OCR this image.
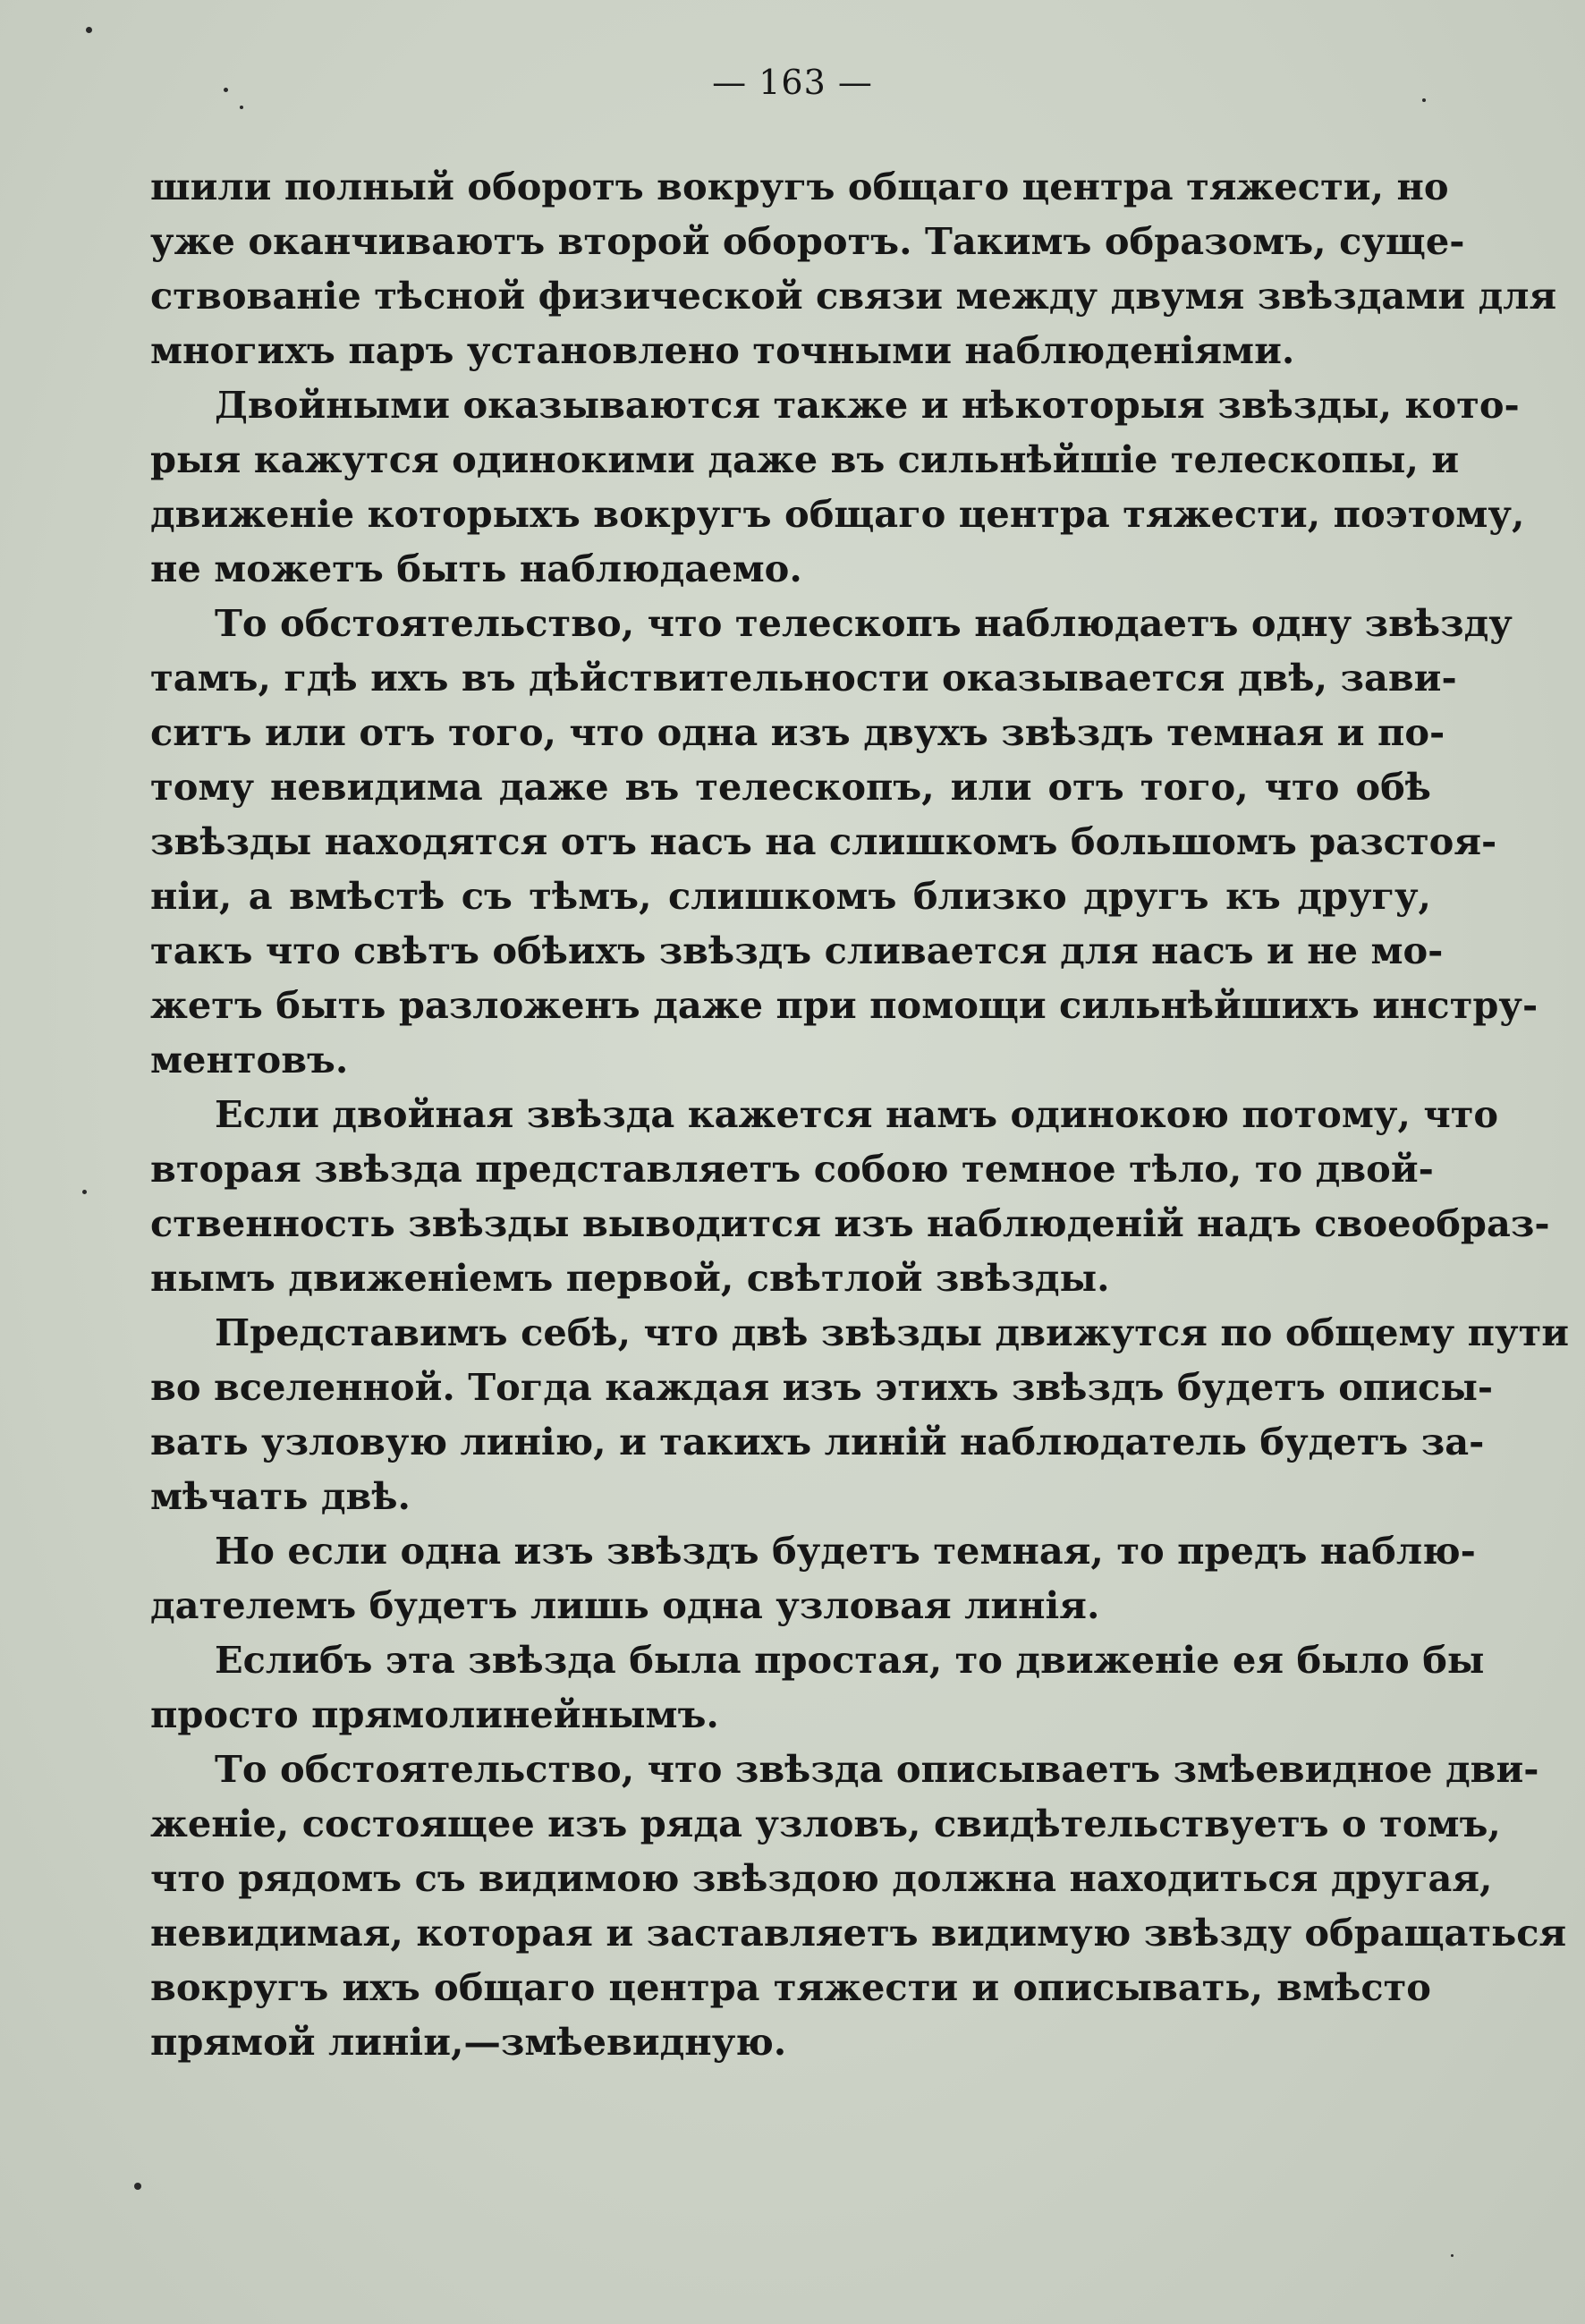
— 163 —
шили полный оборотъ вокругъ общаго центра тяжести, но
уже оканчиваютъ второй оборотъ. Такимъ образомъ, суще-
ствованіе тѣсной физической связи между двумя звѣздами для
многихъ паръ установлено точными наблюденіями.
Двойными оказываются также и нѣкоторыя звѣзды, кото-
рыя кажутся одинокими даже въ сильнѣйшіе телескопы, и
движеніе которыхъ вокругъ общаго центра тяжести, поэтому,
не можетъ быть наблюдаемо.
То обстоятельство, что телескопъ наблюдаетъ одну звѣзду
тамъ, гдѣ ихъ въ дѣйствительности оказывается двѣ, зави-
ситъ или отъ того, что одна изъ двухъ звѣздъ темная и по-
тому невидима даже въ телескопъ, или отъ того, что обѣ
звѣзды находятся отъ насъ на слишкомъ большомъ разстоя-
ніи, а вмѣстѣ съ тѣмъ, слишкомъ близко другъ къ другу,
такъ что свѣтъ обѣихъ звѣздъ сливается для насъ и не мо-
жетъ быть разложенъ даже при помощи сильнѣйшихъ инстру-
ментовъ.
Если двойная звѣзда кажется намъ одинокою потому, что
вторая звѣзда представляетъ собою темное тѣло, то двой-
ственность звѣзды выводится изъ наблюденій надъ своеобраз-
нымъ движеніемъ первой, свѣтлой звѣзды.
Представимъ себѣ, что двѣ звѣзды движутся по общему пути
во вселенной. Тогда каждая изъ этихъ звѣздъ будетъ описы-
вать узловую линію, и такихъ линій наблюдатель будетъ за-
мѣчать двѣ.
Но если одна изъ звѣздъ будетъ темная, то предъ наблю-
дателемъ будетъ лишь одна узловая линія.
Еслибъ эта звѣзда была простая, то движеніе ея было бы
просто прямолинейнымъ.
То обстоятельство, что звѣзда описываетъ змѣевидное дви-
женіе, состоящее изъ ряда узловъ, свидѣтельствуетъ о томъ,
что рядомъ съ видимою звѣздою должна находиться другая,
невидимая, которая и заставляетъ видимую звѣзду обращаться
вокругъ ихъ общаго центра тяжести и описывать, вмѣсто
прямой линіи,—змѣевидную.
